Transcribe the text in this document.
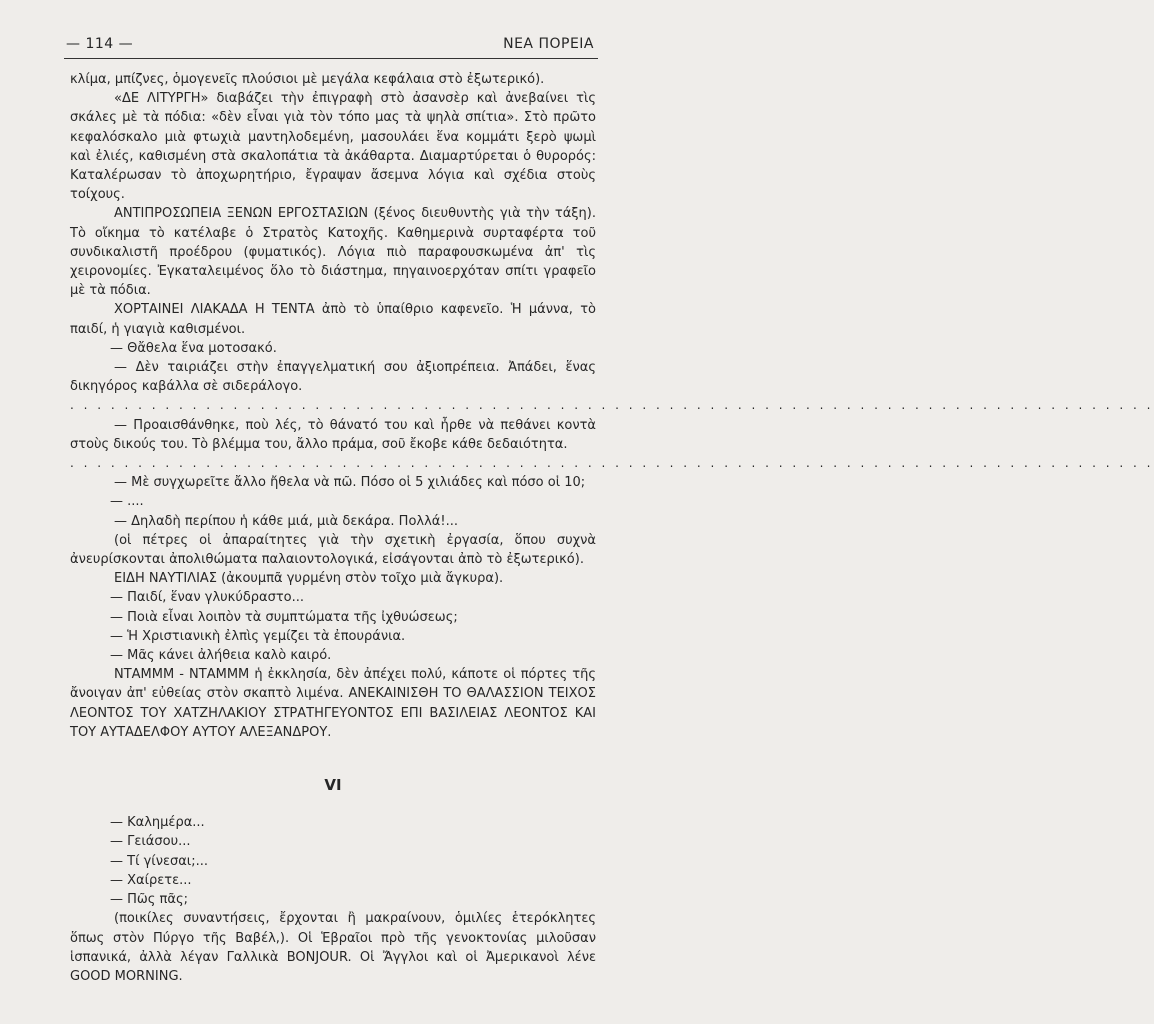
— 114 —	ΝΕΑ ΠΟΡΕΙΑ

κλίμα, μπίζνες, ὁμογενεῖς πλούσιοι μὲ μεγάλα κεφάλαια στὸ ἐξωτερικό).

«ΔΕ ΛΙΤΥΡΓΗ» διαβάζει τὴν ἐπιγραφὴ στὸ ἀσανσὲρ καὶ ἀνεβαίνει τὶς σκάλες μὲ τὰ πόδια: «δὲν εἶναι γιὰ τὸν τόπο μας τὰ ψηλὰ σπίτια». Στὸ πρῶτο κεφαλόσκαλο μιὰ φτωχιὰ μαντηλοδεμένη, μασουλάει ἕνα κομμάτι ξερὸ ψωμὶ καὶ ἐλιές, καθισμένη στὰ σκαλοπάτια τὰ ἀκάθαρτα. Διαμαρτύρεται ὁ θυρορός: Καταλέρωσαν τὸ ἀποχωρητήριο, ἔγραψαν ἄσεμνα λόγια καὶ σχέδια στοὺς τοίχους.

ΑΝΤΙΠΡΟΣΩΠΕΙΑ ΞΕΝΩΝ ΕΡΓΟΣΤΑΣΙΩΝ (ξένος διευθυντὴς γιὰ τὴν τάξη). Τὸ οἴκημα τὸ κατέλαβε ὁ Στρατὸς Κατοχῆς. Καθημερινὰ συρταφέρτα τοῦ συνδικαλιστῆ προέδρου (φυματικός). Λόγια πιὸ παραφουσκωμένα ἀπ' τὶς χειρονομίες. Ἐγκαταλειμένος ὅλο τὸ διάστημα, πηγαινοερχόταν σπίτι γραφεῖο μὲ τὰ πόδια.

ΧΟΡΤΑΙΝΕΙ ΛΙΑΚΑΔΑ Η ΤΕΝΤΑ ἀπὸ τὸ ὑπαίθριο καφενεῖο. Ἡ μάννα, τὸ παιδί, ἡ γιαγιὰ καθισμένοι.

— Θἄθελα ἕνα μοτοσακό.

— Δὲν ταιριάζει στὴν ἐπαγγελματική σου ἀξιοπρέπεια. Ἀπάδει, ἕνας δικηγόρος καβάλλα σὲ σιδεράλογο.

. . . . . . . . . . . . . . . . . . . . . . . . . . . . . . . . . . . . . . . . . . . . . . . . . . . . . . . . . . . . . . . . . . . . . . . . . . . . . . . .

— Προαισθάνθηκε, ποὺ λές, τὸ θάνατό του καὶ ἦρθε νὰ πεθάνει κοντὰ στοὺς δικούς του. Τὸ βλέμμα του, ἄλλο πράμα, σοῦ ἔκοβε κάθε δεδαιότητα.

. . . . . . . . . . . . . . . . . . . . . . . . . . . . . . . . . . . . . . . . . . . . . . . . . . . . . . . . . . . . . . . . . . . . . . . . . . . . . . . .

— Μὲ συγχωρεῖτε ἄλλο ἤθελα νὰ πῶ. Πόσο οἱ 5 χιλιάδες καὶ πόσο οἱ 10;

— ....

— Δηλαδὴ περίπου ἡ κάθε μιά, μιὰ δεκάρα. Πολλά!...

(οἱ πέτρες οἱ ἀπαραίτητες γιὰ τὴν σχετικὴ ἐργασία, ὅπου συχνὰ ἀνευρίσκονται ἀπολιθώματα παλαιοντολογικά, εἰσάγονται ἀπὸ τὸ ἐξωτερικό).

ΕΙΔΗ ΝΑΥΤΙΛΙΑΣ (ἀκουμπᾶ γυρμένη στὸν τοῖχο μιὰ ἄγκυρα).

— Παιδί, ἕναν γλυκύδραστο...

— Ποιὰ εἶναι λοιπὸν τὰ συμπτώματα τῆς ἰχθυώσεως;

— Ἡ Χριστιανικὴ ἐλπὶς γεμίζει τὰ ἐπουράνια.

— Μᾶς κάνει ἀλήθεια καλὸ καιρό.

ΝΤΑΜΜΜ - ΝΤΑΜΜΜ ἡ ἐκκλησία, δὲν ἀπέχει πολύ, κάποτε οἱ πόρτες τῆς ἄνοιγαν ἀπ' εὐθείας στὸν σκαπτὸ λιμένα. ΑΝΕΚΑΙΝΙΣΘΗ ΤΟ ΘΑΛΑΣΣΙΟΝ ΤΕΙΧΟΣ ΛΕΟΝΤΟΣ ΤΟΥ ΧΑΤΖΗΛΑΚΙΟΥ ΣΤΡΑΤΗΓΕΥΟΝΤΟΣ ΕΠΙ ΒΑΣΙΛΕΙΑΣ ΛΕΟΝΤΟΣ ΚΑΙ ΤΟΥ ΑΥΤΑΔΕΛΦΟΥ ΑΥΤΟΥ ΑΛΕΞΑΝΔΡΟΥ.

VI

— Καλημέρα...

— Γειάσου...

— Τί γίνεσαι;...

— Χαίρετε...

— Πῶς πᾶς;

(ποικίλες συναντήσεις, ἔρχονται ἢ μακραίνουν, ὁμιλίες ἑτερόκλητες ὅπως στὸν Πύργο τῆς Βαβέλ,). Οἱ Ἑβραῖοι πρὸ τῆς γενοκτονίας μιλοῦσαν ἱσπανικά, ἀλλὰ λέγαν Γαλλικὰ BONJOUR. Οἱ Ἄγγλοι καὶ οἱ Ἀμερικανοὶ λένε GOOD MORNING.
